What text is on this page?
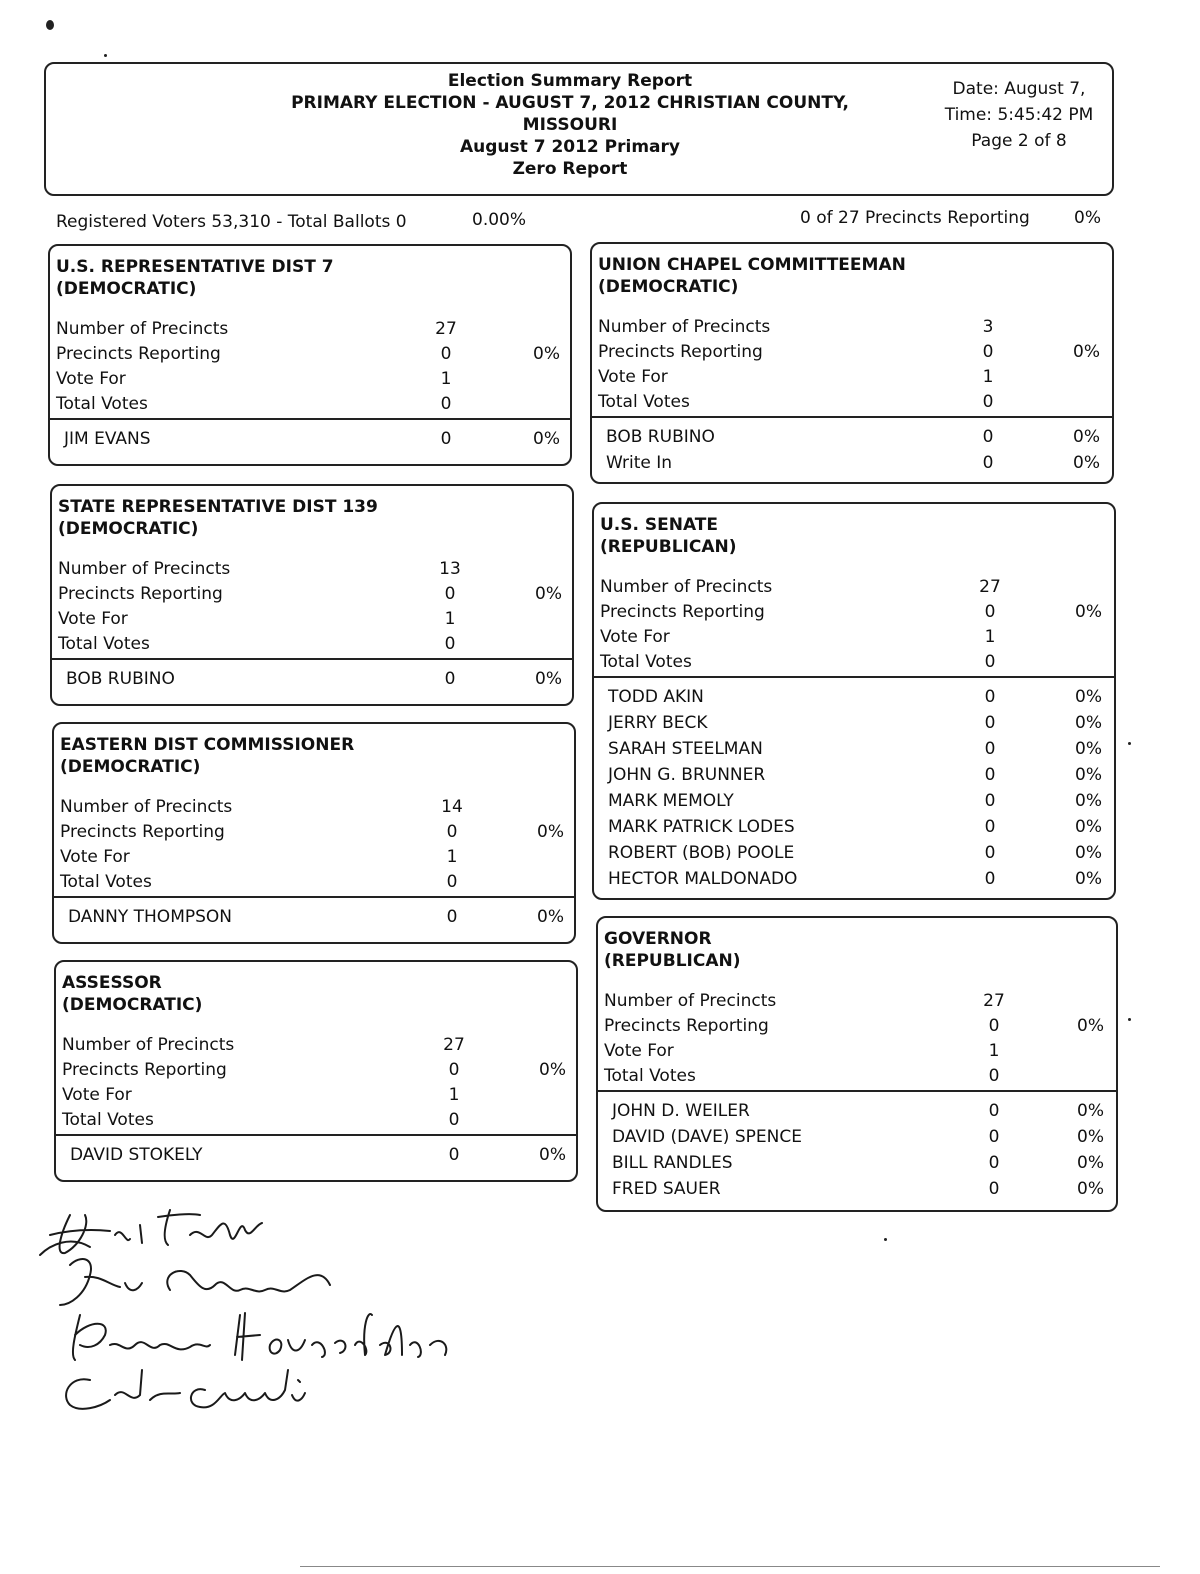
Election Summary Report
PRIMARY ELECTION - AUGUST 7, 2012 CHRISTIAN COUNTY,
MISSOURI
August 7 2012 Primary
Zero Report
Date: August 7,
Time: 5:45:42 PM
Page 2 of 8
Registered Voters 53,310 - Total Ballots 0	0.00%	0 of 27 Precincts Reporting	0%
U.S. REPRESENTATIVE DIST 7
(DEMOCRATIC)
Number of Precincts	27
Precincts Reporting	0	0%
Vote For	1
Total Votes	0
JIM EVANS	0	0%
STATE REPRESENTATIVE DIST 139
(DEMOCRATIC)
Number of Precincts	13
Precincts Reporting	0	0%
Vote For	1
Total Votes	0
BOB RUBINO	0	0%
EASTERN DIST COMMISSIONER
(DEMOCRATIC)
Number of Precincts	14
Precincts Reporting	0	0%
Vote For	1
Total Votes	0
DANNY THOMPSON	0	0%
ASSESSOR
(DEMOCRATIC)
Number of Precincts	27
Precincts Reporting	0	0%
Vote For	1
Total Votes	0
DAVID STOKELY	0	0%
UNION CHAPEL COMMITTEEMAN
(DEMOCRATIC)
Number of Precincts	3
Precincts Reporting	0	0%
Vote For	1
Total Votes	0
BOB RUBINO	0	0%
Write In	0	0%
U.S. SENATE
(REPUBLICAN)
Number of Precincts	27
Precincts Reporting	0	0%
Vote For	1
Total Votes	0
TODD AKIN	0	0%
JERRY BECK	0	0%
SARAH STEELMAN	0	0%
JOHN G. BRUNNER	0	0%
MARK MEMOLY	0	0%
MARK PATRICK LODES	0	0%
ROBERT (BOB) POOLE	0	0%
HECTOR MALDONADO	0	0%
GOVERNOR
(REPUBLICAN)
Number of Precincts	27
Precincts Reporting	0	0%
Vote For	1
Total Votes	0
JOHN D. WEILER	0	0%
DAVID (DAVE) SPENCE	0	0%
BILL RANDLES	0	0%
FRED SAUER	0	0%
